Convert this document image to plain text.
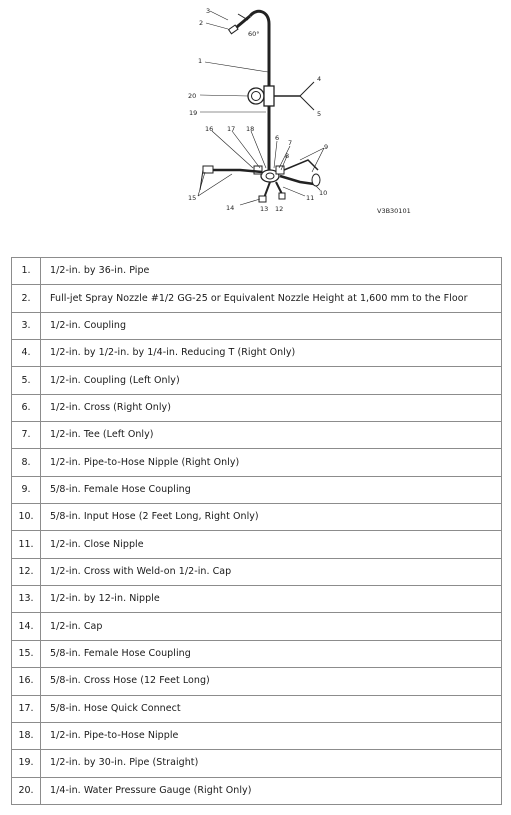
3
2
60°
1
4
20
5
19
16 17 18
6
7	9
8
15
10
11
12
13
14	V3B30101
1.	1/2-in. by 36-in. Pipe
2.	Full-jet Spray Nozzle #1/2 GG-25 or Equivalent Nozzle Height at 1,600 mm to the Floor
3.	1/2-in. Coupling
4.	1/2-in. by 1/2-in. by 1/4-in. Reducing T (Right Only)
5.	1/2-in. Coupling (Left Only)
6.	1/2-in. Cross (Right Only)
7.	1/2-in. Tee (Left Only)
8.	1/2-in. Pipe-to-Hose Nipple (Right Only)
9.	5/8-in. Female Hose Coupling
10.	5/8-in. Input Hose (2 Feet Long, Right Only)
11.	1/2-in. Close Nipple
12.	1/2-in. Cross with Weld-on 1/2-in. Cap
13.	1/2-in. by 12-in. Nipple
14.	1/2-in. Cap
15.	5/8-in. Female Hose Coupling
16.	5/8-in. Cross Hose (12 Feet Long)
17.	5/8-in. Hose Quick Connect
18.	1/2-in. Pipe-to-Hose Nipple
19.	1/2-in. by 30-in. Pipe (Straight)
20.	1/4-in. Water Pressure Gauge (Right Only)
